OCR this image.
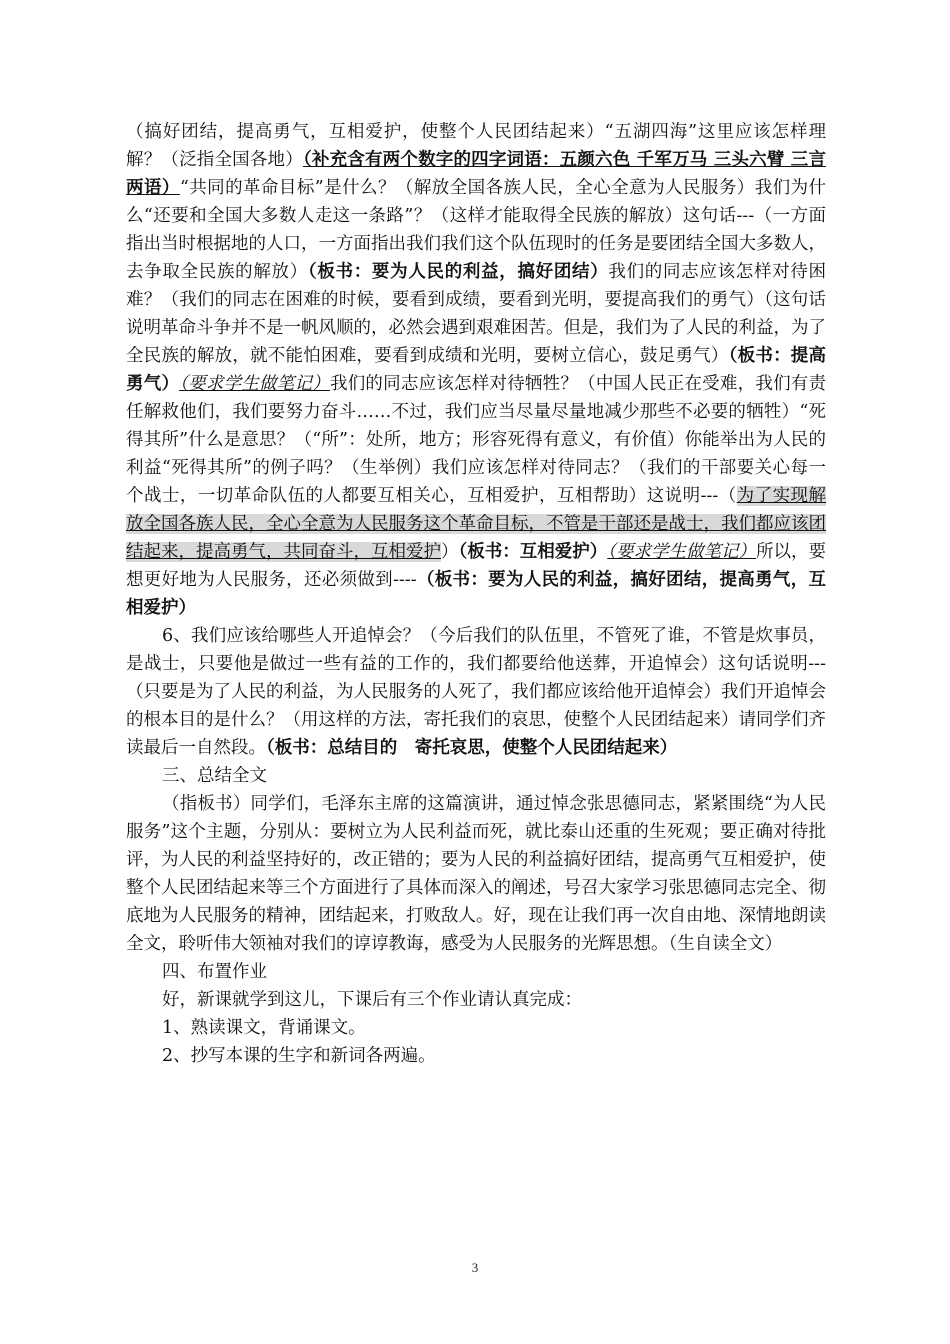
（搞好团结，提高勇气，互相爱护，使整个人民团结起来）“五湖四海”这里应该怎样理解？（泛指全国各地）（补充含有两个数字的四字词语：五颜六色 千军万马 三头六臂 三言两语）“共同的革命目标”是什么？（解放全国各族人民，全心全意为人民服务）我们为什么“还要和全国大多数人走这一条路”？（这样才能取得全民族的解放）这句话---（一方面指出当时根据地的人口，一方面指出我们我们这个队伍现时的任务是要团结全国大多数人，去争取全民族的解放）（板书：要为人民的利益，搞好团结）我们的同志应该怎样对待困难？（我们的同志在困难的时候，要看到成绩，要看到光明，要提高我们的勇气）（这句话说明革命斗争并不是一帆风顺的，必然会遇到艰难困苦。但是，我们为了人民的利益，为了全民族的解放，就不能怕困难，要看到成绩和光明，要树立信心，鼓足勇气）（板书：提高勇气）（要求学生做笔记）我们的同志应该怎样对待牺牲？（中国人民正在受难，我们有责任解救他们，我们要努力奋斗……不过，我们应当尽量尽量地减少那些不必要的牺牲）“死得其所”什么是意思？（“所”：处所，地方；形容死得有意义，有价值）你能举出为人民的利益“死得其所”的例子吗？（生举例）我们应该怎样对待同志？（我们的干部要关心每一个战士，一切革命队伍的人都要互相关心，互相爱护，互相帮助）这说明---（为了实现解放全国各族人民，全心全意为人民服务这个革命目标，不管是干部还是战士，我们都应该团结起来，提高勇气，共同奋斗，互相爱护）（板书：互相爱护）（要求学生做笔记）所以，要想更好地为人民服务，还必须做到----（板书：要为人民的利益，搞好团结，提高勇气，互相爱护）

6、我们应该给哪些人开追悼会？（今后我们的队伍里，不管死了谁，不管是炊事员，是战士，只要他是做过一些有益的工作的，我们都要给他送葬，开追悼会）这句话说明---（只要是为了人民的利益，为人民服务的人死了，我们都应该给他开追悼会）我们开追悼会的根本目的是什么？（用这样的方法，寄托我们的哀思，使整个人民团结起来）请同学们齐读最后一自然段。（板书：总结目的　寄托哀思，使整个人民团结起来）

三、总结全文

（指板书）同学们，毛泽东主席的这篇演讲，通过悼念张思德同志，紧紧围绕“为人民服务”这个主题，分别从：要树立为人民利益而死，就比泰山还重的生死观；要正确对待批评，为人民的利益坚持好的，改正错的；要为人民的利益搞好团结，提高勇气互相爱护，使整个人民团结起来等三个方面进行了具体而深入的阐述，号召大家学习张思德同志完全、彻底地为人民服务的精神，团结起来，打败敌人。好，现在让我们再一次自由地、深情地朗读全文，聆听伟大领袖对我们的谆谆教诲，感受为人民服务的光辉思想。（生自读全文）

四、布置作业

好，新课就学到这儿，下课后有三个作业请认真完成：

1、熟读课文，背诵课文。

2、抄写本课的生字和新词各两遍。

3
